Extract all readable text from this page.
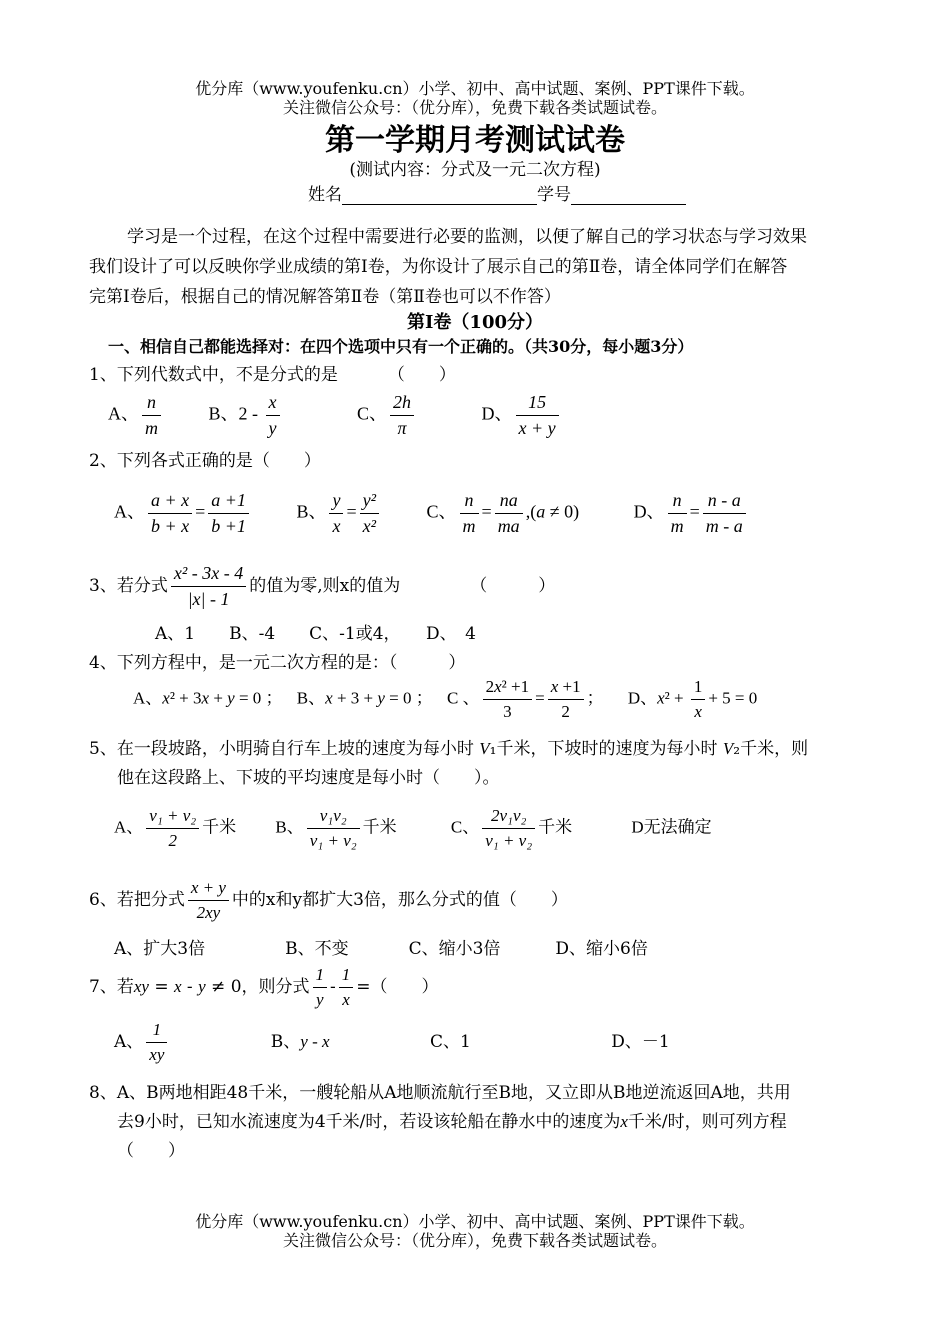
优分库（www.youfenku.cn）小学、初中、高中试题、案例、PPT课件下载。
关注微信公众号：（优分库），免费下载各类试题试卷。
第一学期月考测试试卷
(测试内容：分式及一元二次方程)
姓名	学号
学习是一个过程，在这个过程中需要进行必要的监测，以便了解自己的学习状态与学习效果
我们设计了可以反映你学业成绩的第Ⅰ卷，为你设计了展示自己的第Ⅱ卷，请全体同学们在解答
完第Ⅰ卷后，根据自己的情况解答第Ⅱ卷（第Ⅱ卷也可以不作答）
第Ⅰ卷（100分）
一、相信自己都能选择对：在四个选项中只有一个正确的。（共30分，每小题3分）
1、下列代数式中，不是分式的是	（　　）
A、 $\frac{n}{m}$	B、$2 - \frac{x}{y}$	C、 $\frac{2h}{\pi}$	D、 $\frac{15}{x + y}$
2、下列各式正确的是（　　）
A、 $\frac{a + x}{b + x} = \frac{a +1}{b +1}$	B、 $\frac{y}{x} = \frac{\text{y²}}{\text{x²}}$	C、 $\frac{n}{m} = \frac{na}{ma} ,(a \ne 0)$	D、 $\frac{n}{m} = \frac{n - a}{m - a}$
3、若分式 $\frac{\text{x² - 3x - 4}}{|x| - 1}$ 的值为零,则x的值为	（　　　）
A、1　　B、-4　　C、-1或4，　　D、　4
4、下列方程中，是一元二次方程的是：（　　　）
A、x² + 3x + y = 0 ； B、x + 3 + y = 0 ； C 、 $\frac{\text{2x² +1}}{3} = \frac{x +1}{2}$ ； D、$x^2 + \frac{1}{x} + 5 = 0$
5、在一段坡路，小明骑自行车上坡的速度为每小时 V₁千米，下坡时的速度为每小时 V₂千米，则
他在这段路上、下坡的平均速度是每小时（　　）。
A、 $\frac{\text{v₁ + v₂}}{2}$ 千米 B、 $\frac{\text{v₁v₂}}{\text{v₁ + v₂}}$ 千米	C、 $\frac{\text{2v₁v₂}}{\text{v₁ + v₂}}$ 千米	D无法确定
6、若把分式 $\frac{x + y}{2xy}$ 中的x和y都扩大3倍，那么分式的值（　　）
A、扩大3倍	B、不变	C、缩小3倍	D、缩小6倍
7、若xy = x - y ≠ 0，则分式 $\frac{1}{y} - \frac{1}{x}$ =（　　）
A、 $\frac{1}{xy}$	B、y - x	C、1	D、－1
8、A、B两地相距48千米，一艘轮船从A地顺流航行至B地，又立即从B地逆流返回A地，共用
去9小时，已知水流速度为4千米/时，若设该轮船在静水中的速度为x千米/时，则可列方程
（　　）
优分库（www.youfenku.cn）小学、初中、高中试题、案例、PPT课件下载。
关注微信公众号：（优分库），免费下载各类试题试卷。
